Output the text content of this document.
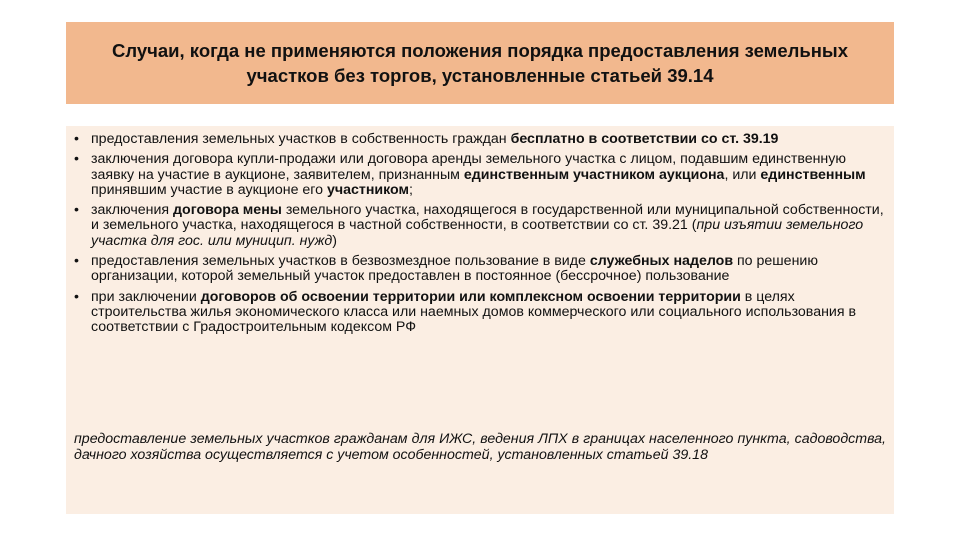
Случаи, когда не применяются положения порядка предоставления земельных участков без торгов, установленные статьей 39.14

• предоставления земельных участков в собственность граждан бесплатно в соответствии со ст. 39.19
• заключения договора купли-продажи или договора аренды земельного участка с лицом, подавшим единственную заявку на участие в аукционе, заявителем, признанным единственным участником аукциона, или единственным принявшим участие в аукционе его участником;
• заключения договора мены земельного участка, находящегося в государственной или муниципальной собственности, и земельного участка, находящегося в частной собственности, в соответствии со ст. 39.21 (при изъятии земельного участка для гос. или муницип. нужд)
• предоставления земельных участков в безвозмездное пользование в виде служебных наделов по решению организации, которой земельный участок предоставлен в постоянное (бессрочное) пользование
• при заключении договоров об освоении территории или комплексном освоении территории в целях строительства жилья экономического класса или наемных домов коммерческого или социального использования в соответствии с Градостроительным кодексом РФ

предоставление земельных участков гражданам для ИЖС, ведения ЛПХ в границах населенного пункта, садоводства, дачного хозяйства осуществляется с учетом особенностей, установленных статьей 39.18
